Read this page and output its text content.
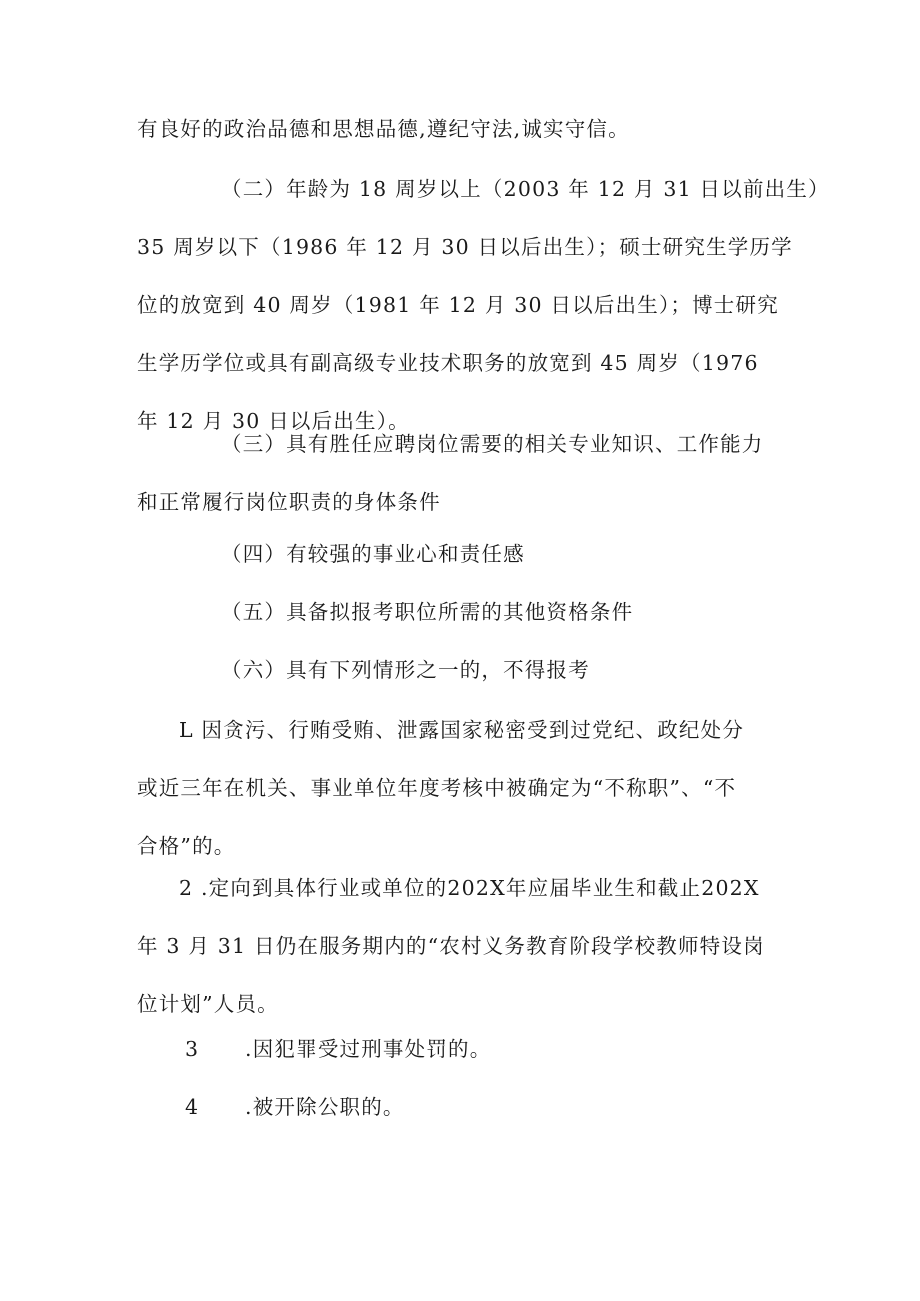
有良好的政治品德和思想品德,遵纪守法,诚实守信。

（二）年龄为 18 周岁以上（2003 年 12 月 31 日以前出生）
35 周岁以下（1986 年 12 月 30 日以后出生）；硕士研究生学历学
位的放宽到 40 周岁（1981 年 12 月 30 日以后出生）；博士研究
生学历学位或具有副高级专业技术职务的放宽到 45 周岁（1976
年 12 月 30 日以后出生）。

（三）具有胜任应聘岗位需要的相关专业知识、工作能力
和正常履行岗位职责的身体条件

（四）有较强的事业心和责任感

（五）具备拟报考职位所需的其他资格条件

（六）具有下列情形之一的，不得报考

L 因贪污、行贿受贿、泄露国家秘密受到过党纪、政纪处分
或近三年在机关、事业单位年度考核中被确定为“不称职”、“不
合格”的。

2 .定向到具体行业或单位的202X年应届毕业生和截止202X
年 3 月 31 日仍在服务期内的“农村义务教育阶段学校教师特设岗
位计划”人员。

3 .因犯罪受过刑事处罚的。

4 .被开除公职的。
